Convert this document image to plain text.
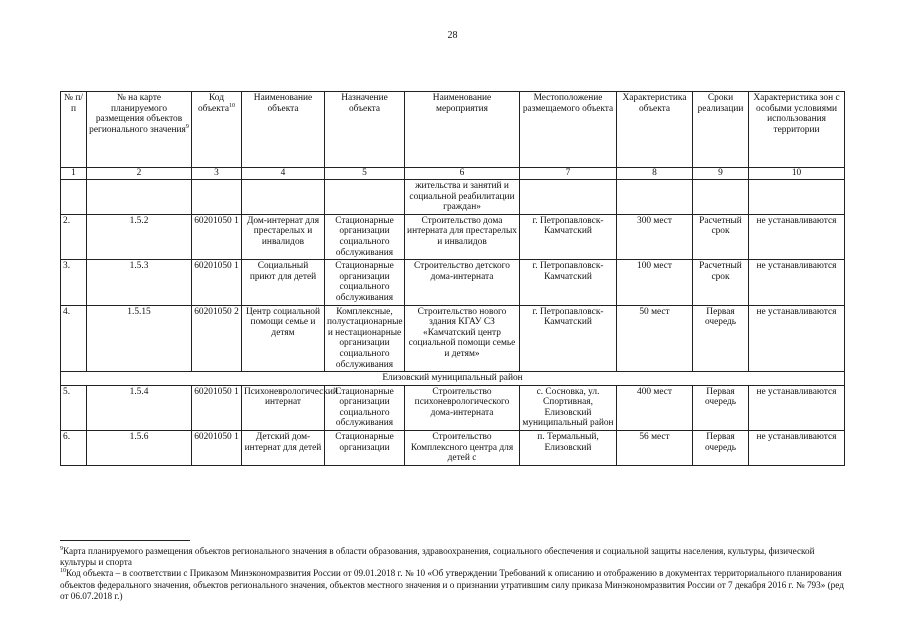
28
№ п/п	№ на карте планируемого размещения объектов регионального значения$^9$	Код объекта$^{10}$	Наименование объекта	Назначение объекта	Наименование мероприятия	Местоположение размещаемого объекта	Характеристика объекта	Сроки реализации	Характеристика зон с особыми условиями использования территории
1	2	3	4	5	6	7	8	9	10
					жительства и занятий и социальной реабилитации граждан»				
2.	1.5.2	60201050 1	Дом-интернат для престарелых и инвалидов	Стационарные организации социального обслуживания	Строительство дома интерната для престарелых и инвалидов	г. Петропавловск-Камчатский	300 мест	Расчетный срок	не устанавливаются
3.	1.5.3	60201050 1	Социальный приют для детей	Стационарные организации социального обслуживания	Строительство детского дома-интерната	г. Петропавловск-Камчатский	100 мест	Расчетный срок	не устанавливаются
4.	1.5.15	60201050 2	Центр социальной помощи семье и детям	Комплексные, полустационарные и нестационарные организации социального обслуживания	Строительство нового здания КГАУ СЗ «Камчатский центр социальной помощи семье и детям»	г. Петропавловск-Камчатский	50 мест	Первая очередь	не устанавливаются
Елизовский муниципальный район									
5.	1.5.4	60201050 1	Психоневрологический интернат	Стационарные организации социального обслуживания	Строительство психоневрологического дома-интерната	с. Сосновка, ул. Спортивная, Елизовский муниципальный район	400 мест	Первая очередь	не устанавливаются
6.	1.5.6	60201050 1	Детский дом-интернат для детей	Стационарные организации	Строительство Комплексного центра для детей с	п. Термальный, Елизовский	56 мест	Первая очередь	не устанавливаются

$^9$Карта планируемого размещения объектов регионального значения в области образования, здравоохранения, социального обеспечения и социальной защиты населения, культуры, физической культуры и спорта

$^{10}$Код объекта – в соответствии с Приказом Минэкономразвития России от 09.01.2018 г. № 10 «Об утверждении Требований к описанию и отображению в документах территориального планирования объектов федерального значения, объектов регионального значения, объектов местного значения и о признании утратившим силу приказа Минэкономразвития России от 7 декабря 2016 г. № 793» (ред от 06.07.2018 г.)
